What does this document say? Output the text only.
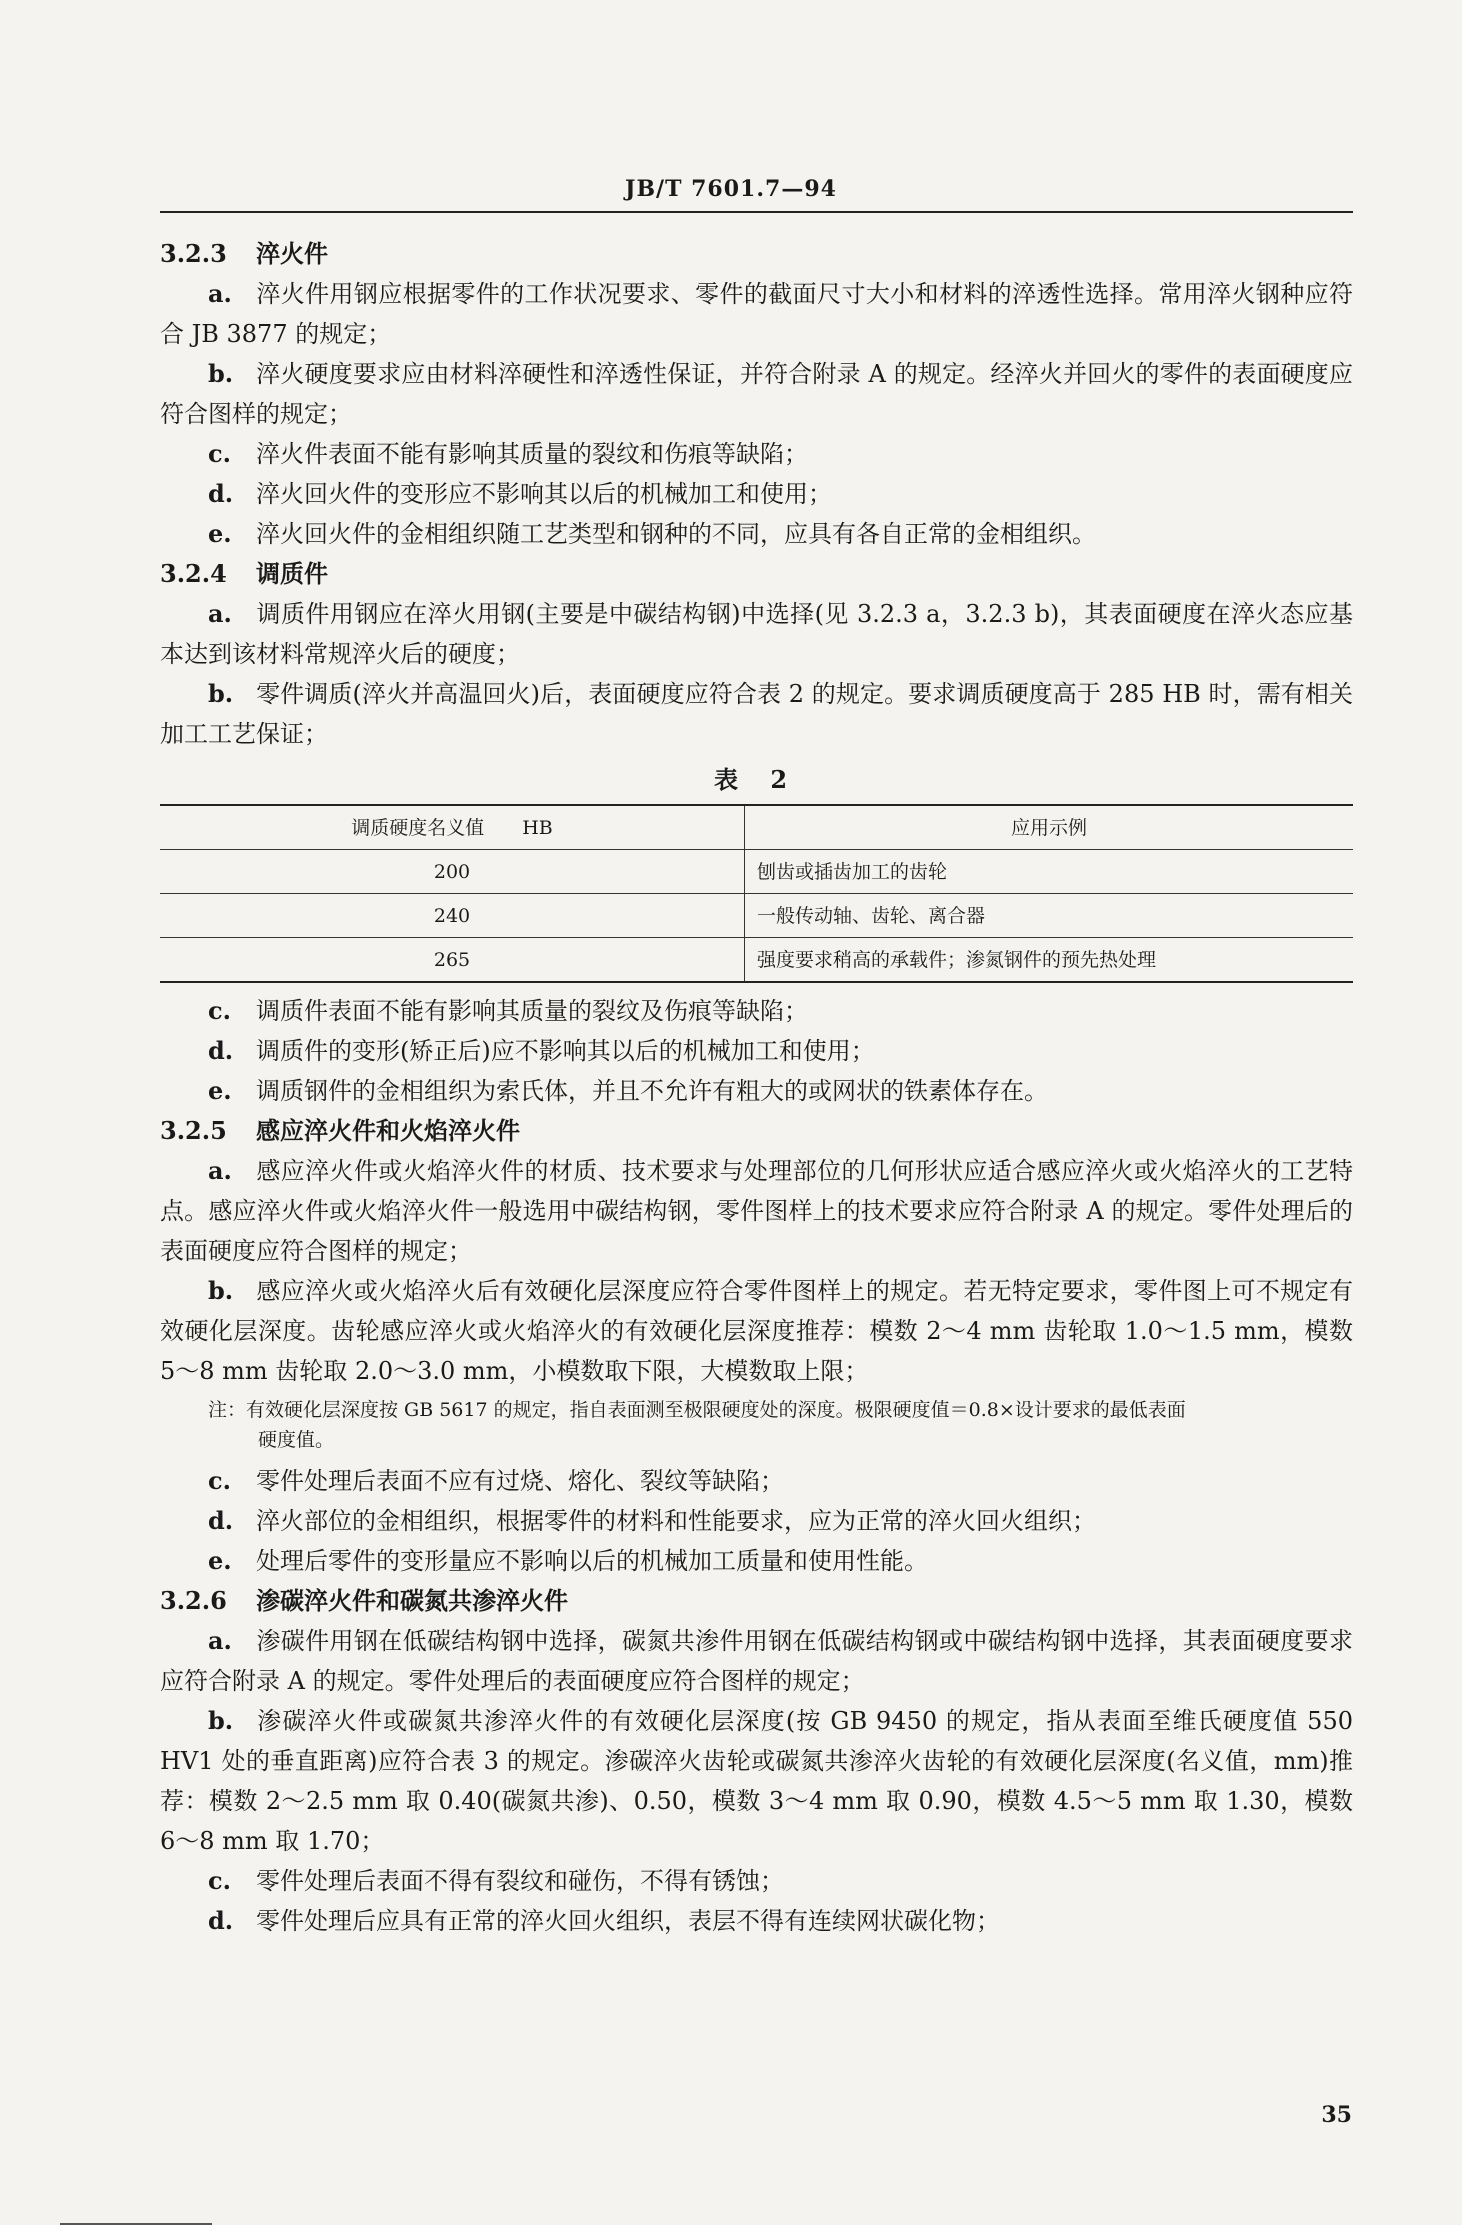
JB/T 7601.7—94
3.2.3 淬火件
a. 淬火件用钢应根据零件的工作状况要求、零件的截面尺寸大小和材料的淬透性选择。常用淬火钢种应符合 JB 3877 的规定；
b. 淬火硬度要求应由材料淬硬性和淬透性保证，并符合附录 A 的规定。经淬火并回火的零件的表面硬度应符合图样的规定；
c. 淬火件表面不能有影响其质量的裂纹和伤痕等缺陷；
d. 淬火回火件的变形应不影响其以后的机械加工和使用；
e. 淬火回火件的金相组织随工艺类型和钢种的不同，应具有各自正常的金相组织。
3.2.4 调质件
a. 调质件用钢应在淬火用钢(主要是中碳结构钢)中选择(见 3.2.3 a，3.2.3 b)，其表面硬度在淬火态应基本达到该材料常规淬火后的硬度；
b. 零件调质(淬火并高温回火)后，表面硬度应符合表 2 的规定。要求调质硬度高于 285 HB 时，需有相关加工工艺保证；
表 2
调质硬度名义值　　HB	应用示例
200	刨齿或插齿加工的齿轮
240	一般传动轴、齿轮、离合器
265	强度要求稍高的承载件；渗氮钢件的预先热处理
c. 调质件表面不能有影响其质量的裂纹及伤痕等缺陷；
d. 调质件的变形(矫正后)应不影响其以后的机械加工和使用；
e. 调质钢件的金相组织为索氏体，并且不允许有粗大的或网状的铁素体存在。
3.2.5 感应淬火件和火焰淬火件
a. 感应淬火件或火焰淬火件的材质、技术要求与处理部位的几何形状应适合感应淬火或火焰淬火的工艺特点。感应淬火件或火焰淬火件一般选用中碳结构钢，零件图样上的技术要求应符合附录 A 的规定。零件处理后的表面硬度应符合图样的规定；
b. 感应淬火或火焰淬火后有效硬化层深度应符合零件图样上的规定。若无特定要求，零件图上可不规定有效硬化层深度。齿轮感应淬火或火焰淬火的有效硬化层深度推荐：模数 2～4 mm 齿轮取 1.0～1.5 mm，模数 5～8 mm 齿轮取 2.0～3.0 mm，小模数取下限，大模数取上限；
注：有效硬化层深度按 GB 5617 的规定，指自表面测至极限硬度处的深度。极限硬度值＝0.8×设计要求的最低表面
硬度值。
c. 零件处理后表面不应有过烧、熔化、裂纹等缺陷；
d. 淬火部位的金相组织，根据零件的材料和性能要求，应为正常的淬火回火组织；
e. 处理后零件的变形量应不影响以后的机械加工质量和使用性能。
3.2.6 渗碳淬火件和碳氮共渗淬火件
a. 渗碳件用钢在低碳结构钢中选择，碳氮共渗件用钢在低碳结构钢或中碳结构钢中选择，其表面硬度要求应符合附录 A 的规定。零件处理后的表面硬度应符合图样的规定；
b. 渗碳淬火件或碳氮共渗淬火件的有效硬化层深度(按 GB 9450 的规定，指从表面至维氏硬度值 550 HV1 处的垂直距离)应符合表 3 的规定。渗碳淬火齿轮或碳氮共渗淬火齿轮的有效硬化层深度(名义值，mm)推荐：模数 2～2.5 mm 取 0.40(碳氮共渗)、0.50，模数 3～4 mm 取 0.90，模数 4.5～5 mm 取 1.30，模数 6～8 mm 取 1.70；
c. 零件处理后表面不得有裂纹和碰伤，不得有锈蚀；
d. 零件处理后应具有正常的淬火回火组织，表层不得有连续网状碳化物；
35
